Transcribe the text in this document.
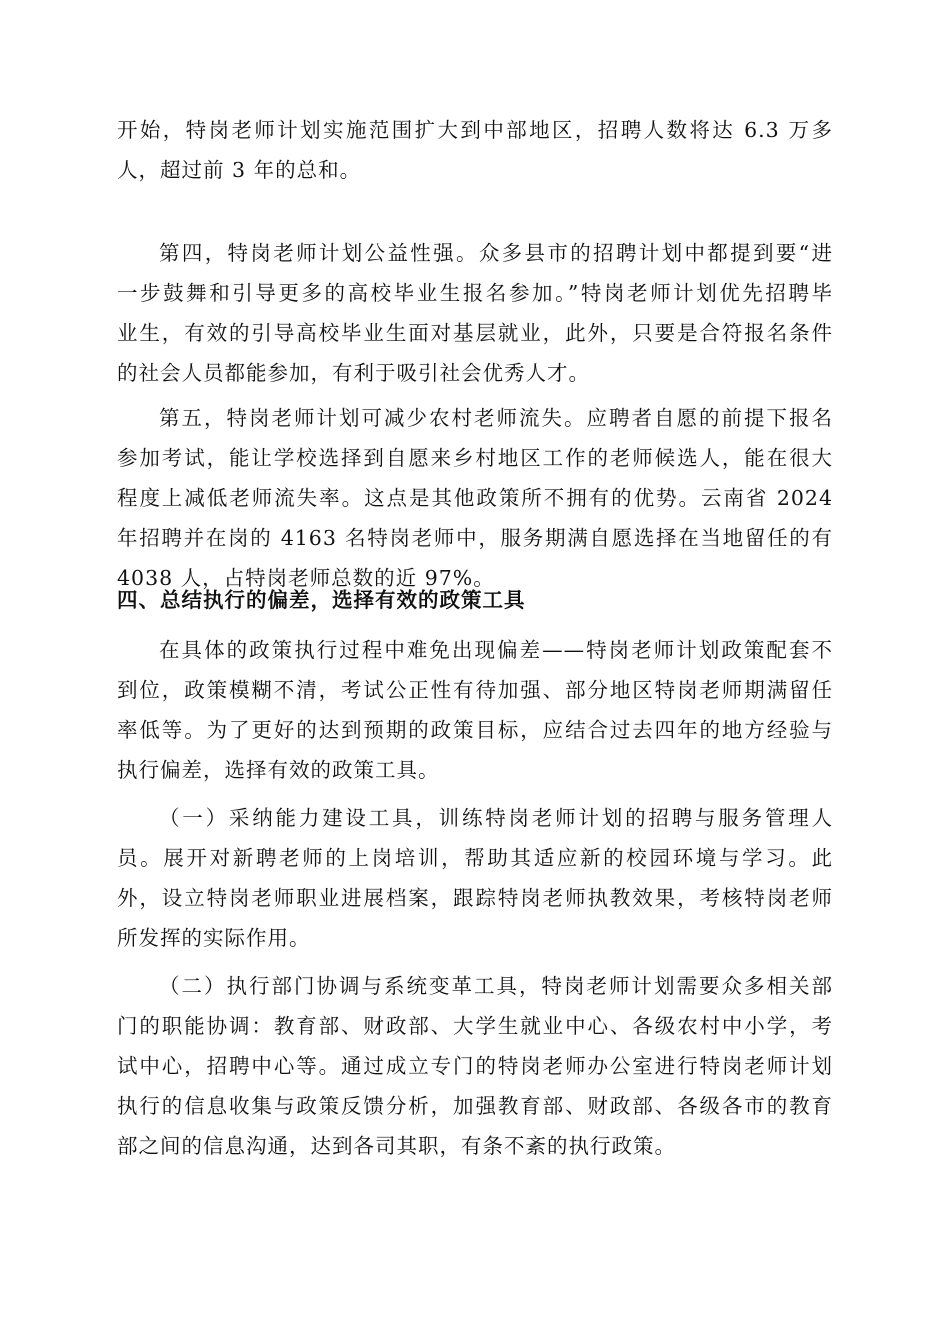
开始，特岗老师计划实施范围扩大到中部地区，招聘人数将达 6.3 万多
人，超过前 3 年的总和。
第四，特岗老师计划公益性强。众多县市的招聘计划中都提到要“进
一步鼓舞和引导更多的高校毕业生报名参加。”特岗老师计划优先招聘毕
业生，有效的引导高校毕业生面对基层就业，此外，只要是合符报名条件
的社会人员都能参加，有利于吸引社会优秀人才。
第五，特岗老师计划可减少农村老师流失。应聘者自愿的前提下报名
参加考试，能让学校选择到自愿来乡村地区工作的老师候选人，能在很大
程度上减低老师流失率。这点是其他政策所不拥有的优势。云南省 2024
年招聘并在岗的 4163 名特岗老师中，服务期满自愿选择在当地留任的有
4038 人，占特岗老师总数的近 97%。
四、总结执行的偏差，选择有效的政策工具
在具体的政策执行过程中难免出现偏差——特岗老师计划政策配套不
到位，政策模糊不清，考试公正性有待加强、部分地区特岗老师期满留任
率低等。为了更好的达到预期的政策目标，应结合过去四年的地方经验与
执行偏差，选择有效的政策工具。
（一）采纳能力建设工具，训练特岗老师计划的招聘与服务管理人
员。展开对新聘老师的上岗培训，帮助其适应新的校园环境与学习。此
外，设立特岗老师职业进展档案，跟踪特岗老师执教效果，考核特岗老师
所发挥的实际作用。
（二）执行部门协调与系统变革工具，特岗老师计划需要众多相关部
门的职能协调：教育部、财政部、大学生就业中心、各级农村中小学，考
试中心，招聘中心等。通过成立专门的特岗老师办公室进行特岗老师计划
执行的信息收集与政策反馈分析，加强教育部、财政部、各级各市的教育
部之间的信息沟通，达到各司其职，有条不紊的执行政策。
